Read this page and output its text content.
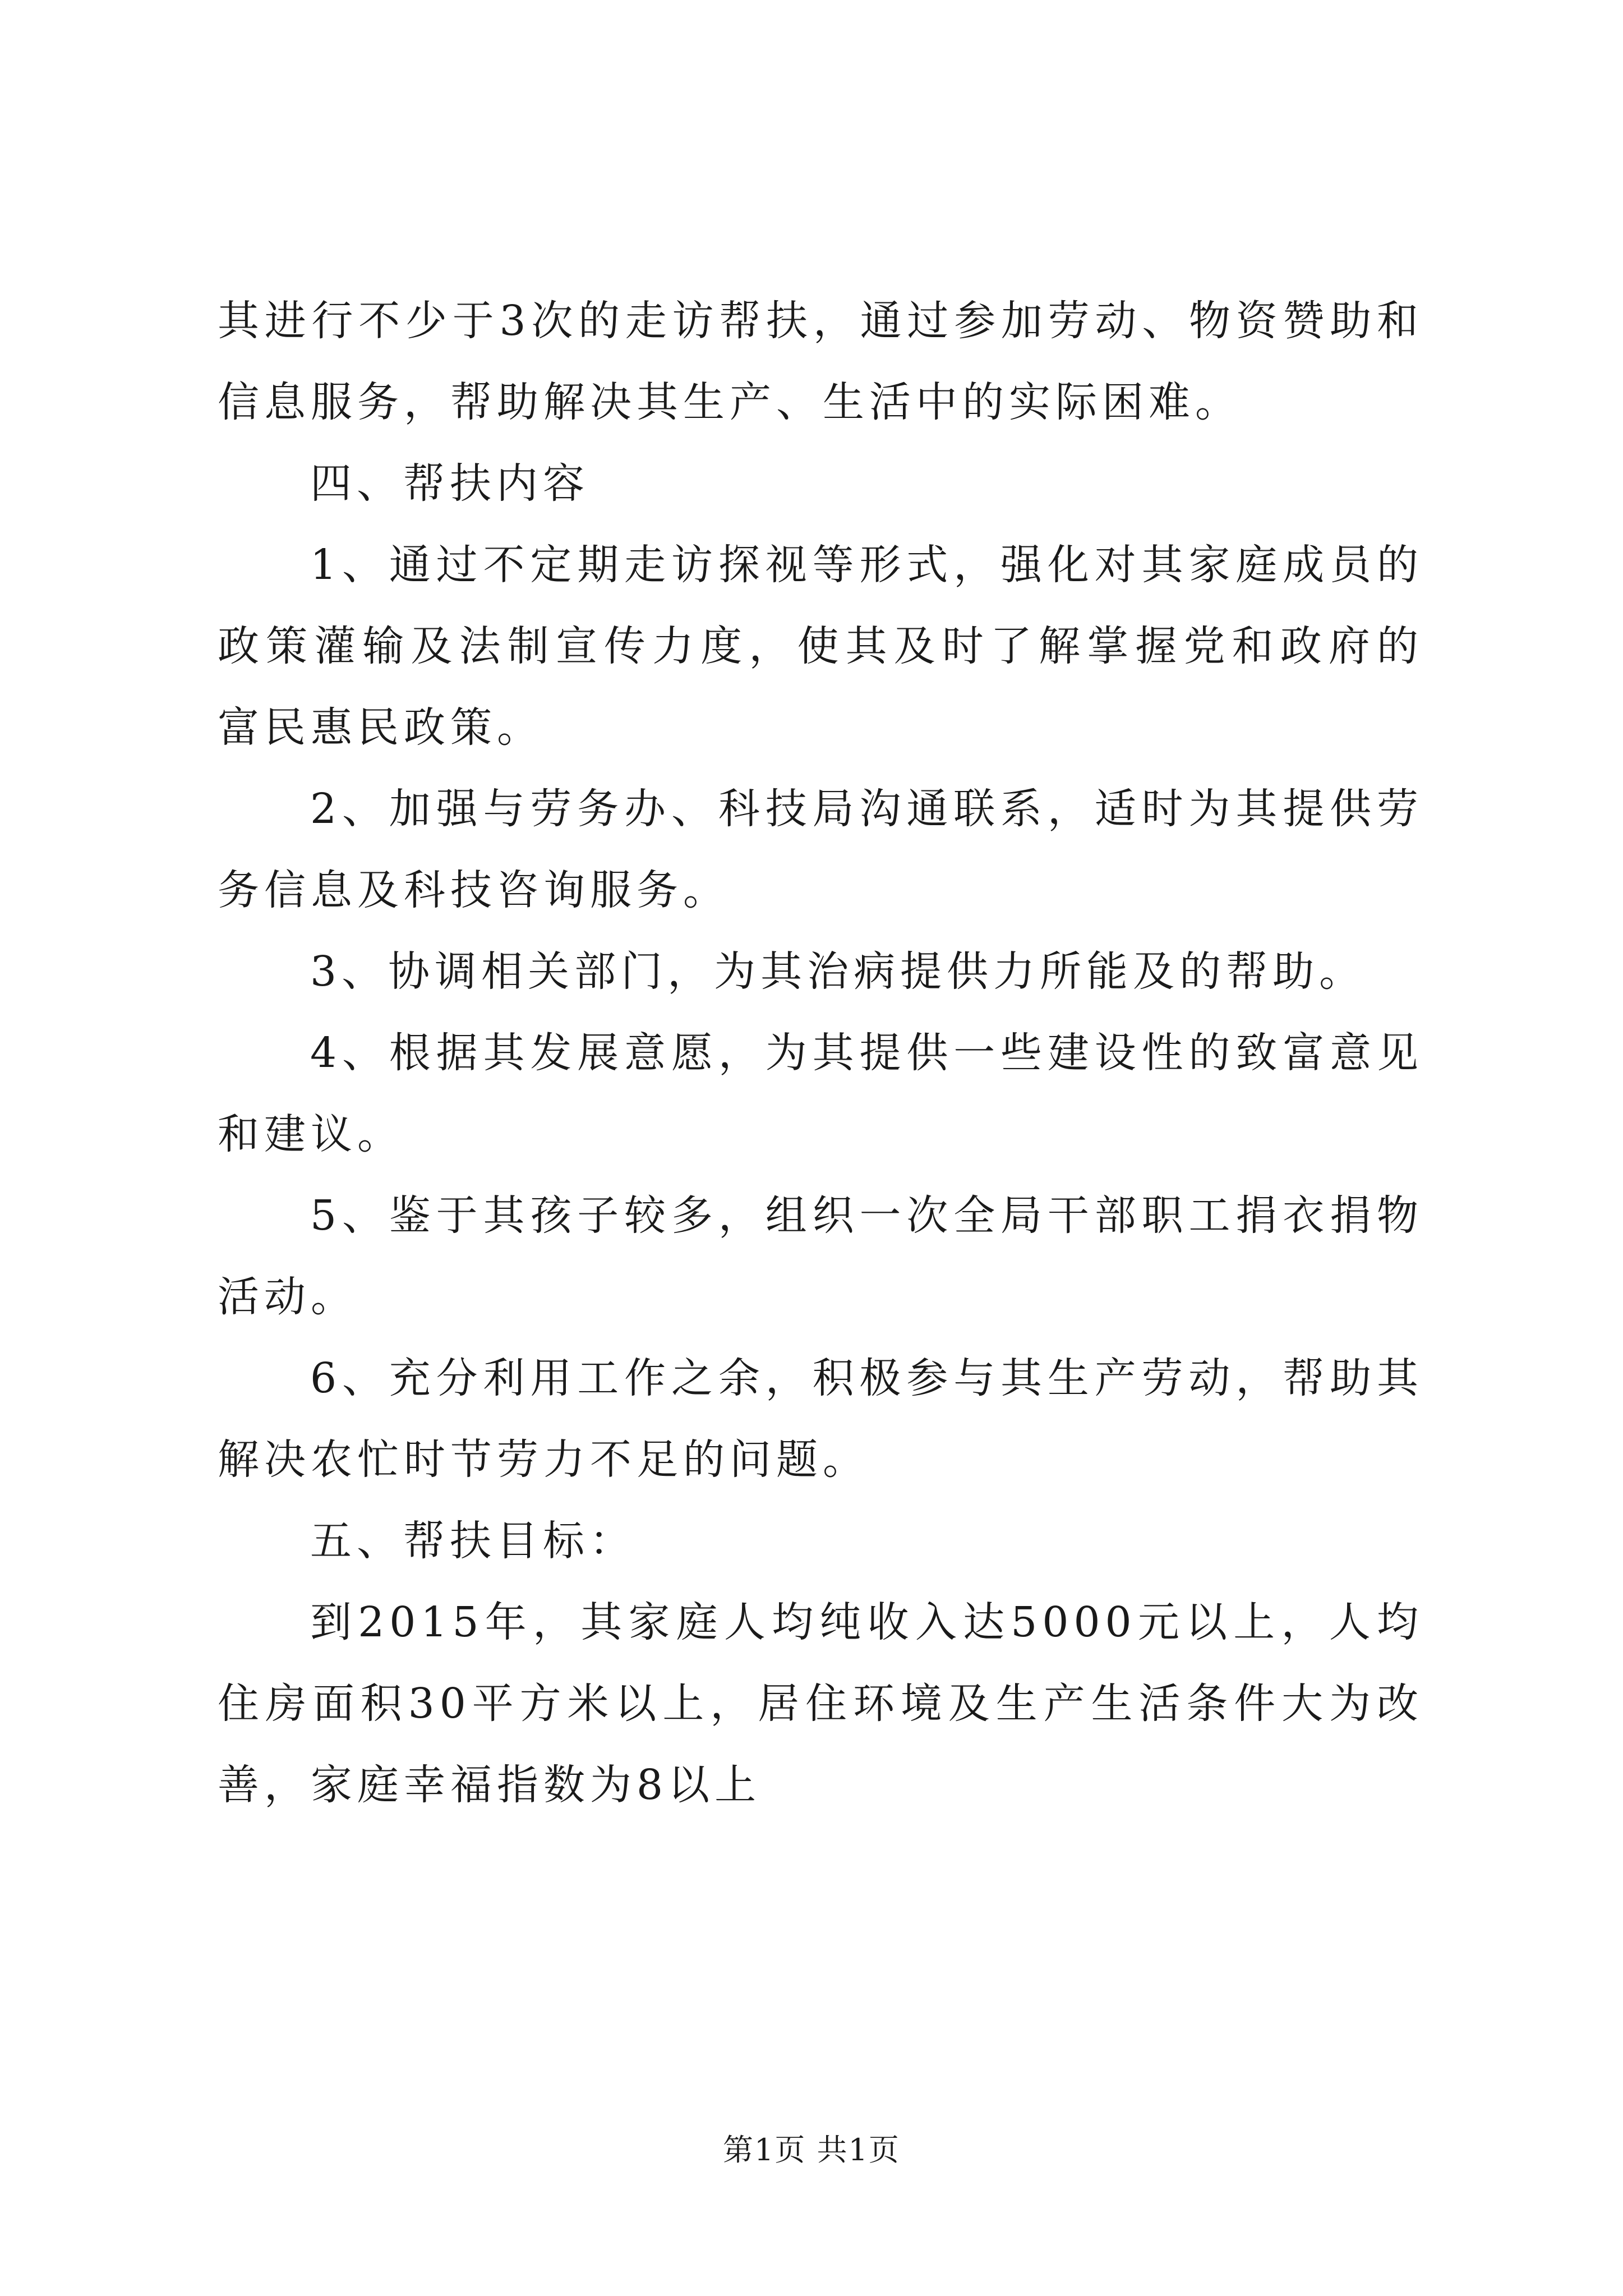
其进行不少于3次的走访帮扶，通过参加劳动、物资赞助和信息服务，帮助解决其生产、生活中的实际困难。

四、帮扶内容

1、通过不定期走访探视等形式，强化对其家庭成员的政策灌输及法制宣传力度，使其及时了解掌握党和政府的富民惠民政策。

2、加强与劳务办、科技局沟通联系，适时为其提供劳务信息及科技咨询服务。

3、协调相关部门，为其治病提供力所能及的帮助。

4、根据其发展意愿，为其提供一些建设性的致富意见和建议。

5、鉴于其孩子较多，组织一次全局干部职工捐衣捐物活动。

6、充分利用工作之余，积极参与其生产劳动，帮助其解决农忙时节劳力不足的问题。

五、帮扶目标：

到2015年，其家庭人均纯收入达5000元以上，人均住房面积30平方米以上，居住环境及生产生活条件大为改善，家庭幸福指数为8以上

第1页 共1页
